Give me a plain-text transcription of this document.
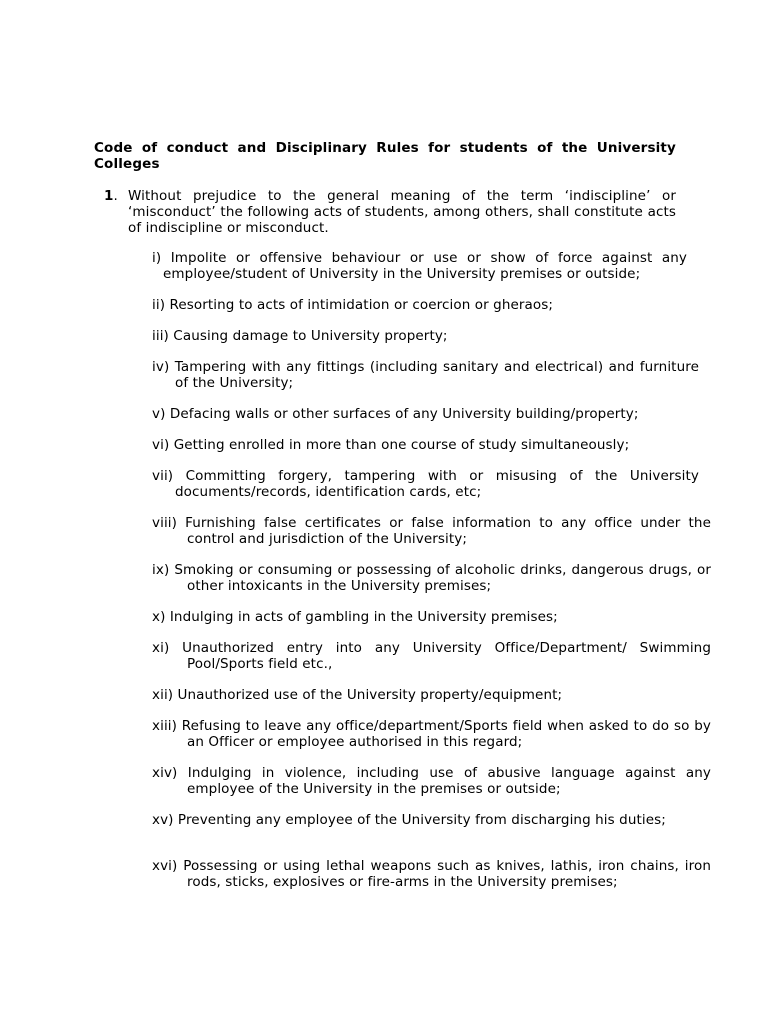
Code of conduct and Disciplinary Rules for students of the University Colleges
1. Without prejudice to the general meaning of the term ‘indiscipline’ or ‘misconduct’ the following acts of students, among others, shall constitute acts of indiscipline or misconduct.
i) Impolite or offensive behaviour or use or show of force against any employee/student of University in the University premises or outside;
ii) Resorting to acts of intimidation or coercion or gheraos;
iii) Causing damage to University property;
iv) Tampering with any fittings (including sanitary and electrical) and furniture of the University;
v) Defacing walls or other surfaces of any University building/property;
vi) Getting enrolled in more than one course of study simultaneously;
vii) Committing forgery, tampering with or misusing of the University documents/records, identification cards, etc;
viii) Furnishing false certificates or false information to any office under the control and jurisdiction of the University;
ix) Smoking or consuming or possessing of alcoholic drinks, dangerous drugs, or other intoxicants in the University premises;
x) Indulging in acts of gambling in the University premises;
xi) Unauthorized entry into any University Office/Department/ Swimming Pool/Sports field etc.,
xii) Unauthorized use of the University property/equipment;
xiii) Refusing to leave any office/department/Sports field when asked to do so by an Officer or employee authorised in this regard;
xiv) Indulging in violence, including use of abusive language against any employee of the University in the premises or outside;
xv) Preventing any employee of the University from discharging his duties;
xvi) Possessing or using lethal weapons such as knives, lathis, iron chains, iron rods, sticks, explosives or fire-arms in the University premises;
